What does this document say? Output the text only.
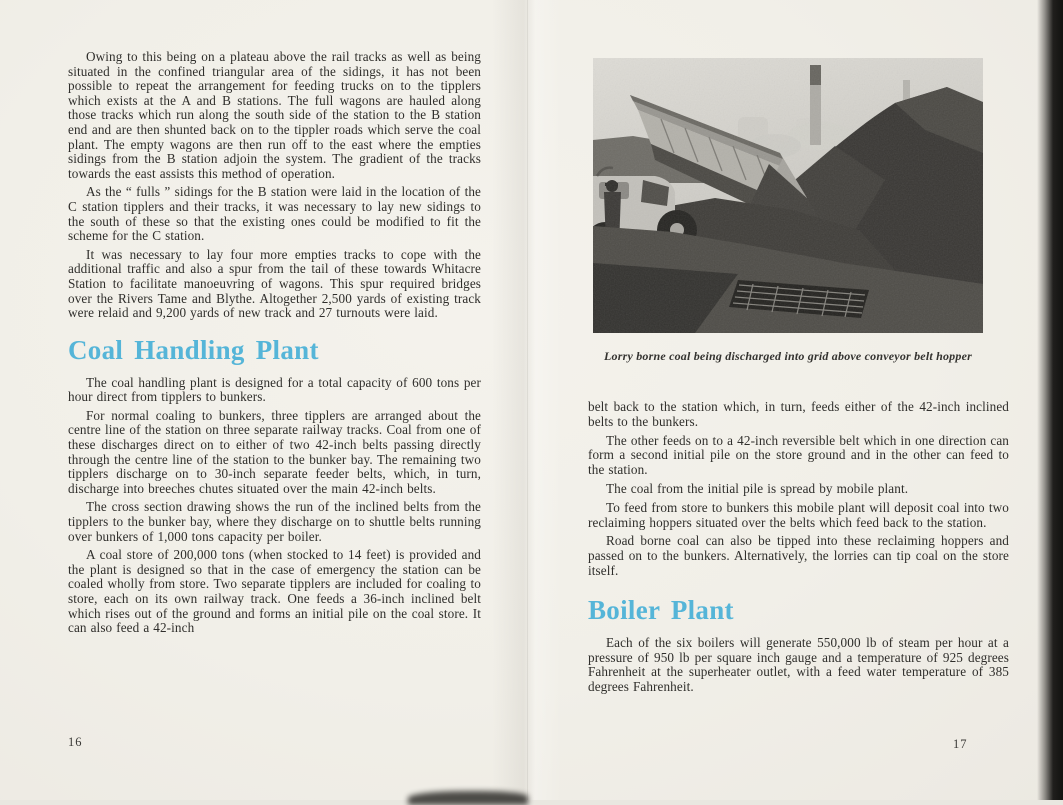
Owing to this being on a plateau above the rail tracks as well as being situated in the confined triangular area of the sidings, it has not been possible to repeat the arrangement for feeding trucks on to the tipplers which exists at the A and B stations. The full wagons are hauled along those tracks which run along the south side of the station to the B station end and are then shunted back on to the tippler roads which serve the coal plant. The empty wagons are then run off to the east where the empties sidings from the B station adjoin the system. The gradient of the tracks towards the east assists this method of operation.

As the “ fulls ” sidings for the B station were laid in the location of the C station tipplers and their tracks, it was necessary to lay new sidings to the south of these so that the existing ones could be modified to fit the scheme for the C station.

It was necessary to lay four more empties tracks to cope with the additional traffic and also a spur from the tail of these towards Whitacre Station to facilitate manoeuvring of wagons. This spur required bridges over the Rivers Tame and Blythe. Altogether 2,500 yards of existing track were relaid and 9,200 yards of new track and 27 turnouts were laid.

Coal Handling Plant

The coal handling plant is designed for a total capacity of 600 tons per hour direct from tipplers to bunkers.

For normal coaling to bunkers, three tipplers are arranged about the centre line of the station on three separate railway tracks. Coal from one of these discharges direct on to either of two 42-inch belts passing directly through the centre line of the station to the bunker bay. The remaining two tipplers discharge on to 30-inch separate feeder belts, which, in turn, discharge into breeches chutes situated over the main 42-inch belts.

The cross section drawing shows the run of the inclined belts from the tipplers to the bunker bay, where they discharge on to shuttle belts running over bunkers of 1,000 tons capacity per boiler.

A coal store of 200,000 tons (when stocked to 14 feet) is provided and the plant is designed so that in the case of emergency the station can be coaled wholly from store. Two separate tipplers are included for coaling to store, each on its own railway track. One feeds a 36-inch inclined belt which rises out of the ground and forms an initial pile on the coal store. It can also feed a 42-inch

16
Lorry borne coal being discharged into grid above conveyor belt hopper

belt back to the station which, in turn, feeds either of the 42-inch inclined belts to the bunkers.

The other feeds on to a 42-inch reversible belt which in one direction can form a second initial pile on the store ground and in the other can feed to the station.

The coal from the initial pile is spread by mobile plant.

To feed from store to bunkers this mobile plant will deposit coal into two reclaiming hoppers situated over the belts which feed back to the station.

Road borne coal can also be tipped into these reclaiming hoppers and passed on to the bunkers. Alternatively, the lorries can tip coal on the store itself.

Boiler Plant

Each of the six boilers will generate 550,000 lb of steam per hour at a pressure of 950 lb per square inch gauge and a temperature of 925 degrees Fahrenheit at the superheater outlet, with a feed water temperature of 385 degrees Fahrenheit.

17
